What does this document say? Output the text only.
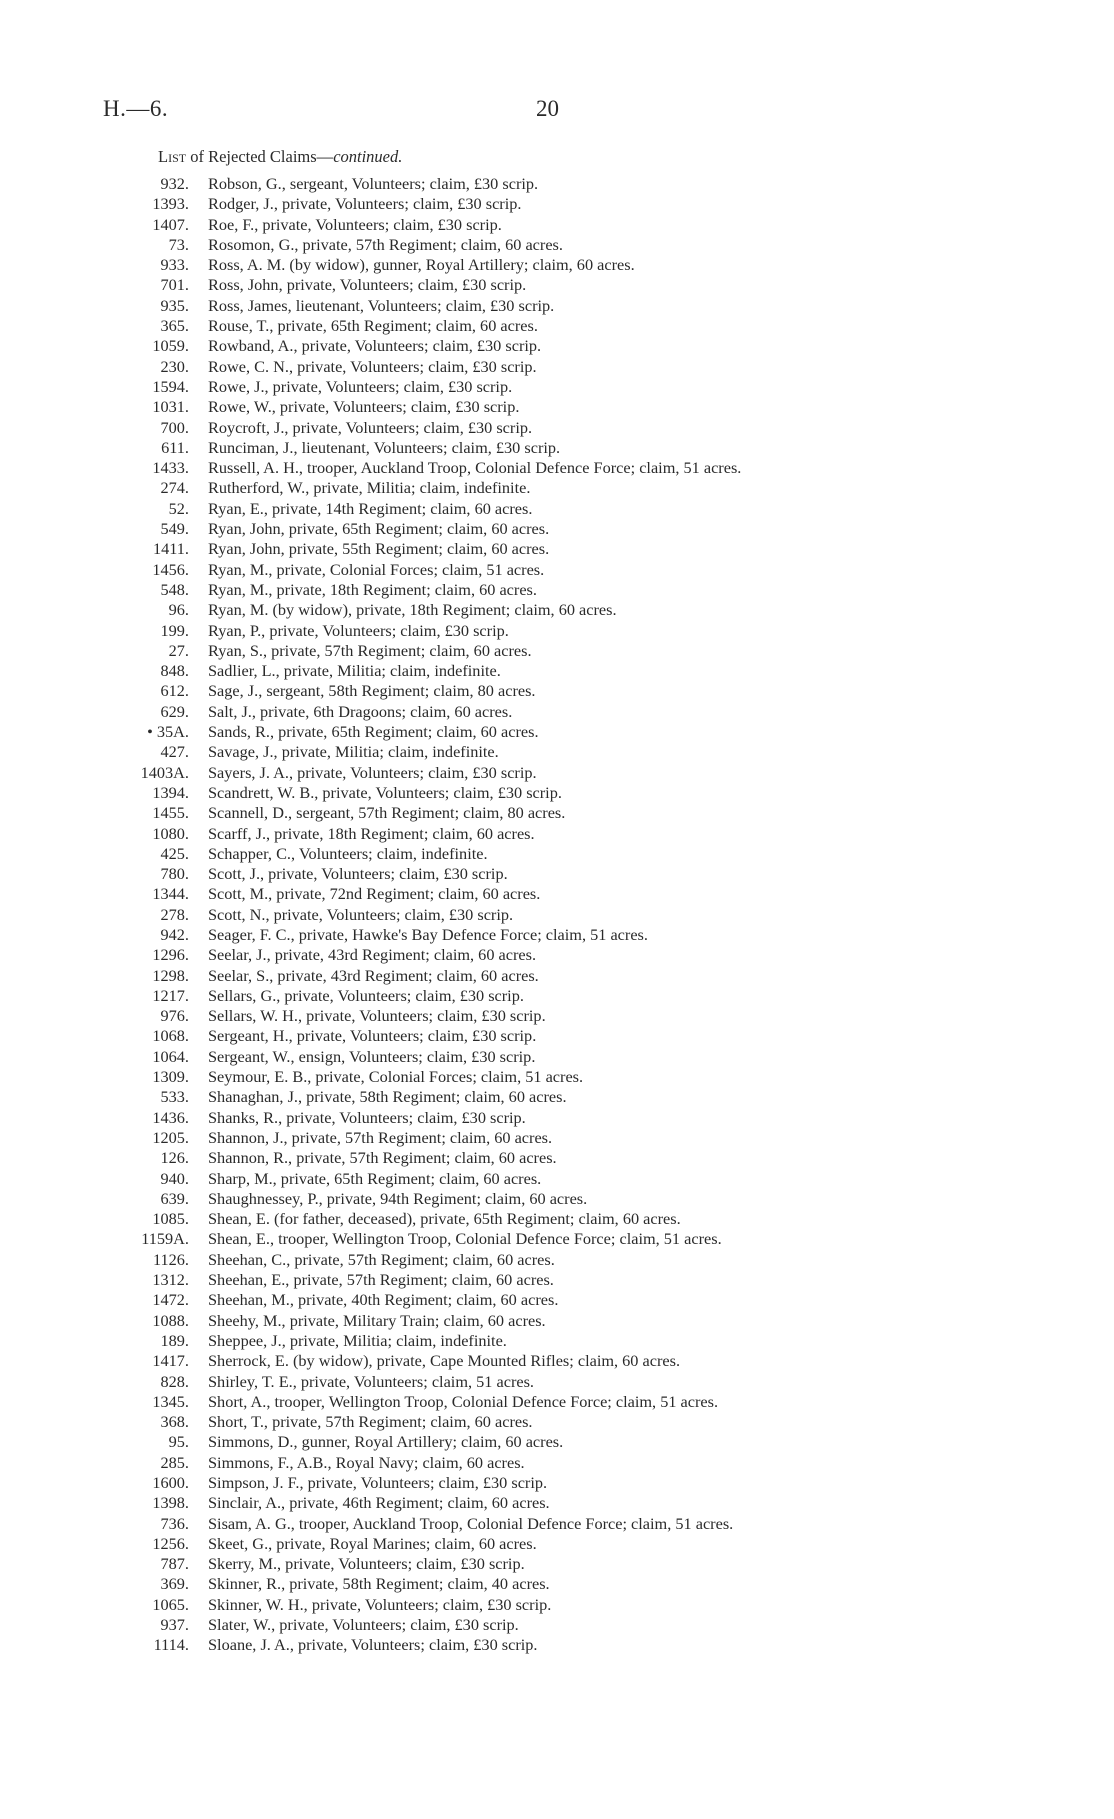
H.—6.	20
List of Rejected Claims—continued.
932.	Robson, G., sergeant, Volunteers; claim, £30 scrip.
1393.	Rodger, J., private, Volunteers; claim, £30 scrip.
1407.	Roe, F., private, Volunteers; claim, £30 scrip.
73.	Rosomon, G., private, 57th Regiment; claim, 60 acres.
933.	Ross, A. M. (by widow), gunner, Royal Artillery; claim, 60 acres.
701.	Ross, John, private, Volunteers; claim, £30 scrip.
935.	Ross, James, lieutenant, Volunteers; claim, £30 scrip.
365.	Rouse, T., private, 65th Regiment; claim, 60 acres.
1059.	Rowband, A., private, Volunteers; claim, £30 scrip.
230.	Rowe, C. N., private, Volunteers; claim, £30 scrip.
1594.	Rowe, J., private, Volunteers; claim, £30 scrip.
1031.	Rowe, W., private, Volunteers; claim, £30 scrip.
700.	Roycroft, J., private, Volunteers; claim, £30 scrip.
611.	Runciman, J., lieutenant, Volunteers; claim, £30 scrip.
1433.	Russell, A. H., trooper, Auckland Troop, Colonial Defence Force; claim, 51 acres.
274.	Rutherford, W., private, Militia; claim, indefinite.
52.	Ryan, E., private, 14th Regiment; claim, 60 acres.
549.	Ryan, John, private, 65th Regiment; claim, 60 acres.
1411.	Ryan, John, private, 55th Regiment; claim, 60 acres.
1456.	Ryan, M., private, Colonial Forces; claim, 51 acres.
548.	Ryan, M., private, 18th Regiment; claim, 60 acres.
96.	Ryan, M. (by widow), private, 18th Regiment; claim, 60 acres.
199.	Ryan, P., private, Volunteers; claim, £30 scrip.
27.	Ryan, S., private, 57th Regiment; claim, 60 acres.
848.	Sadlier, L., private, Militia; claim, indefinite.
612.	Sage, J., sergeant, 58th Regiment; claim, 80 acres.
629.	Salt, J., private, 6th Dragoons; claim, 60 acres.
• 35A.	Sands, R., private, 65th Regiment; claim, 60 acres.
427.	Savage, J., private, Militia; claim, indefinite.
1403A.	Sayers, J. A., private, Volunteers; claim, £30 scrip.
1394.	Scandrett, W. B., private, Volunteers; claim, £30 scrip.
1455.	Scannell, D., sergeant, 57th Regiment; claim, 80 acres.
1080.	Scarff, J., private, 18th Regiment; claim, 60 acres.
425.	Schapper, C., Volunteers; claim, indefinite.
780.	Scott, J., private, Volunteers; claim, £30 scrip.
1344.	Scott, M., private, 72nd Regiment; claim, 60 acres.
278.	Scott, N., private, Volunteers; claim, £30 scrip.
942.	Seager, F. C., private, Hawke's Bay Defence Force; claim, 51 acres.
1296.	Seelar, J., private, 43rd Regiment; claim, 60 acres.
1298.	Seelar, S., private, 43rd Regiment; claim, 60 acres.
1217.	Sellars, G., private, Volunteers; claim, £30 scrip.
976.	Sellars, W. H., private, Volunteers; claim, £30 scrip.
1068.	Sergeant, H., private, Volunteers; claim, £30 scrip.
1064.	Sergeant, W., ensign, Volunteers; claim, £30 scrip.
1309.	Seymour, E. B., private, Colonial Forces; claim, 51 acres.
533.	Shanaghan, J., private, 58th Regiment; claim, 60 acres.
1436.	Shanks, R., private, Volunteers; claim, £30 scrip.
1205.	Shannon, J., private, 57th Regiment; claim, 60 acres.
126.	Shannon, R., private, 57th Regiment; claim, 60 acres.
940.	Sharp, M., private, 65th Regiment; claim, 60 acres.
639.	Shaughnessey, P., private, 94th Regiment; claim, 60 acres.
1085.	Shean, E. (for father, deceased), private, 65th Regiment; claim, 60 acres.
1159A.	Shean, E., trooper, Wellington Troop, Colonial Defence Force; claim, 51 acres.
1126.	Sheehan, C., private, 57th Regiment; claim, 60 acres.
1312.	Sheehan, E., private, 57th Regiment; claim, 60 acres.
1472.	Sheehan, M., private, 40th Regiment; claim, 60 acres.
1088.	Sheehy, M., private, Military Train; claim, 60 acres.
189.	Sheppee, J., private, Militia; claim, indefinite.
1417.	Sherrock, E. (by widow), private, Cape Mounted Rifles; claim, 60 acres.
828.	Shirley, T. E., private, Volunteers; claim, 51 acres.
1345.	Short, A., trooper, Wellington Troop, Colonial Defence Force; claim, 51 acres.
368.	Short, T., private, 57th Regiment; claim, 60 acres.
95.	Simmons, D., gunner, Royal Artillery; claim, 60 acres.
285.	Simmons, F., A.B., Royal Navy; claim, 60 acres.
1600.	Simpson, J. F., private, Volunteers; claim, £30 scrip.
1398.	Sinclair, A., private, 46th Regiment; claim, 60 acres.
736.	Sisam, A. G., trooper, Auckland Troop, Colonial Defence Force; claim, 51 acres.
1256.	Skeet, G., private, Royal Marines; claim, 60 acres.
787.	Skerry, M., private, Volunteers; claim, £30 scrip.
369.	Skinner, R., private, 58th Regiment; claim, 40 acres.
1065.	Skinner, W. H., private, Volunteers; claim, £30 scrip.
937.	Slater, W., private, Volunteers; claim, £30 scrip.
1114.	Sloane, J. A., private, Volunteers; claim, £30 scrip.
